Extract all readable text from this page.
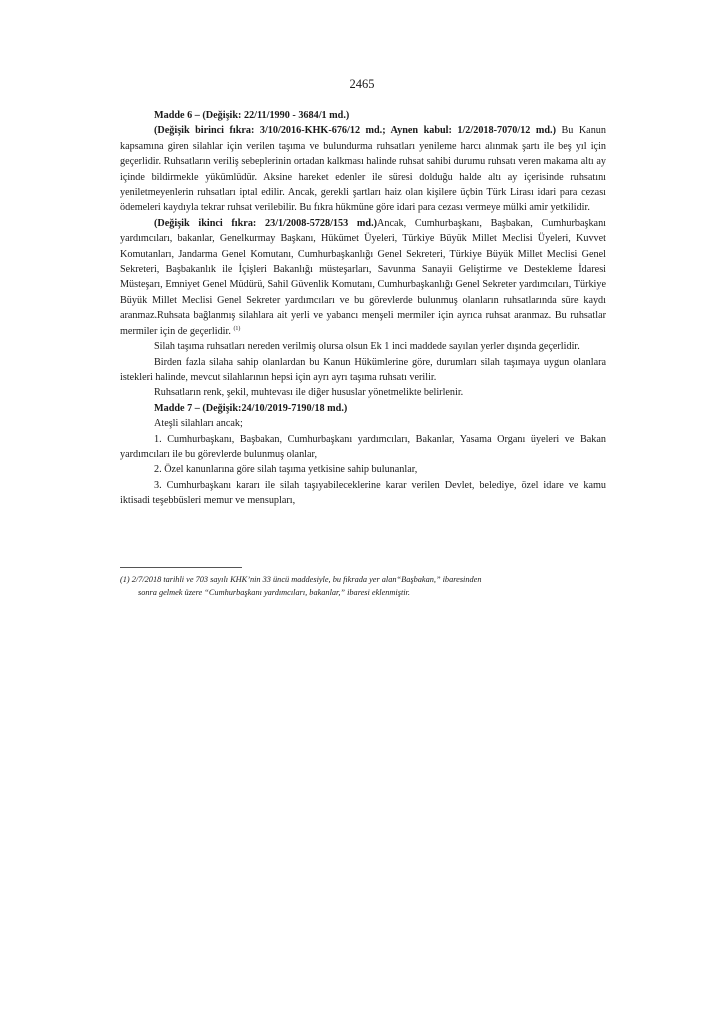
2465

Madde 6 – (Değişik: 22/11/1990 - 3684/1 md.)

(Değişik birinci fıkra: 3/10/2016-KHK-676/12 md.; Aynen kabul: 1/2/2018-7070/12 md.) Bu Kanun kapsamına giren silahlar için verilen taşıma ve bulundurma ruhsatları yenileme harcı alınmak şartı ile beş yıl için geçerlidir. Ruhsatların veriliş sebeplerinin ortadan kalkması halinde ruhsat sahibi durumu ruhsatı veren makama altı ay içinde bildirmekle yükümlüdür. Aksine hareket edenler ile süresi dolduğu halde altı ay içerisinde ruhsatını yeniletmeyenlerin ruhsatları iptal edilir. Ancak, gerekli şartları haiz olan kişilere üçbin Türk Lirası idari para cezası ödemeleri kaydıyla tekrar ruhsat verilebilir. Bu fıkra hükmüne göre idari para cezası vermeye mülki amir yetkilidir.

(Değişik ikinci fıkra: 23/1/2008-5728/153 md.)Ancak, Cumhurbaşkanı, Başbakan, Cumhurbaşkanı yardımcıları, bakanlar, Genelkurmay Başkanı, Hükümet Üyeleri, Türkiye Büyük Millet Meclisi Üyeleri, Kuvvet Komutanları, Jandarma Genel Komutanı, Cumhurbaşkanlığı Genel Sekreteri, Türkiye Büyük Millet Meclisi Genel Sekreteri, Başbakanlık ile İçişleri Bakanlığı müsteşarları, Savunma Sanayii Geliştirme ve Destekleme İdaresi Müsteşarı, Emniyet Genel Müdürü, Sahil Güvenlik Komutanı, Cumhurbaşkanlığı Genel Sekreter yardımcıları, Türkiye Büyük Millet Meclisi Genel Sekreter yardımcıları ve bu görevlerde bulunmuş olanların ruhsatlarında süre kaydı aranmaz.Ruhsata bağlanmış silahlara ait yerli ve yabancı menşeli mermiler için ayrıca ruhsat aranmaz. Bu ruhsatlar mermiler için de geçerlidir. $^{(1)}$

Silah taşıma ruhsatları nereden verilmiş olursa olsun Ek 1 inci maddede sayılan yerler dışında geçerlidir.

Birden fazla silaha sahip olanlardan bu Kanun Hükümlerine göre, durumları silah taşımaya uygun olanlara istekleri halinde, mevcut silahlarının hepsi için ayrı ayrı taşıma ruhsatı verilir.

Ruhsatların renk, şekil, muhtevası ile diğer hususlar yönetmelikte belirlenir.

Madde 7 – (Değişik:24/10/2019-7190/18 md.)

Ateşli silahları ancak;

1. Cumhurbaşkanı, Başbakan, Cumhurbaşkanı yardımcıları, Bakanlar, Yasama Organı üyeleri ve Bakan yardımcıları ile bu görevlerde bulunmuş olanlar,

2. Özel kanunlarına göre silah taşıma yetkisine sahip bulunanlar,

3. Cumhurbaşkanı kararı ile silah taşıyabileceklerine karar verilen Devlet, belediye, özel idare ve kamu iktisadi teşebbüsleri memur ve mensupları,

(1) 2/7/2018 tarihli ve 703 sayılı KHK’nin 33 üncü maddesiyle, bu fıkrada yer alan“Başbakan,” ibaresinden
sonra gelmek üzere “Cumhurbaşkanı yardımcıları, bakanlar,” ibaresi eklenmiştir.
